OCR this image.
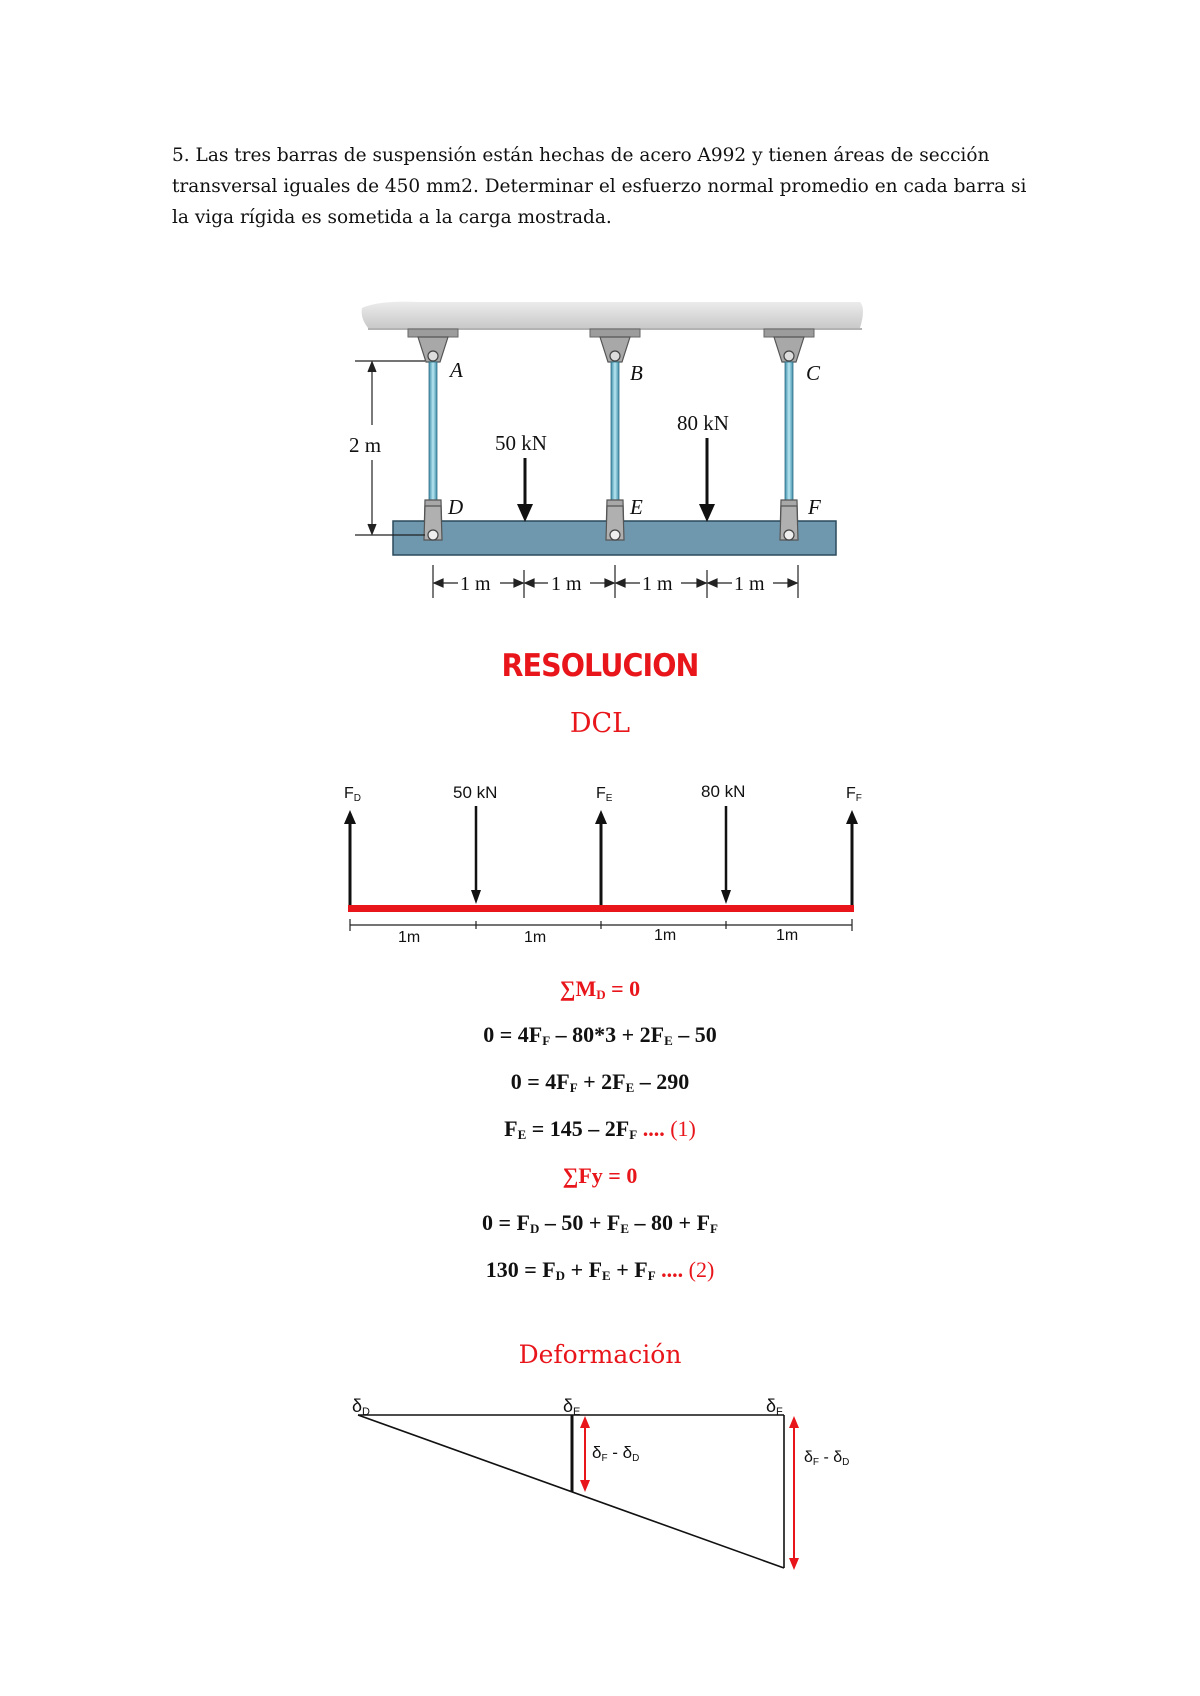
5. Las tres barras de suspensión están hechas de acero A992 y tienen áreas de sección
transversal iguales de 450 mm2. Determinar el esfuerzo normal promedio en cada barra si
la viga rígida es sometida a la carga mostrada.
A	B	C
D	E	F
2 m	50 kN
80 kN
1 m	1 m	1 m	1 m
RESOLUCION
DCL
FD	FE	FF
50 kN	80 kN
1m	1m	1m	1m
$\sum M_D = 0$
$0 = 4F_F - 80*3 + 2F_E - 50$
$0 = 4F_F + 2F_E - 290$
$F_E = 145 - 2F_F$ .... (1)
∑Fy = 0
$0 = F_D - 50 + F_E - 80 + F_F$
$130 = F_D + F_E + F_F$ .... (2)
Deformación
δD	δE	δF
δF - δD	δF - δD
